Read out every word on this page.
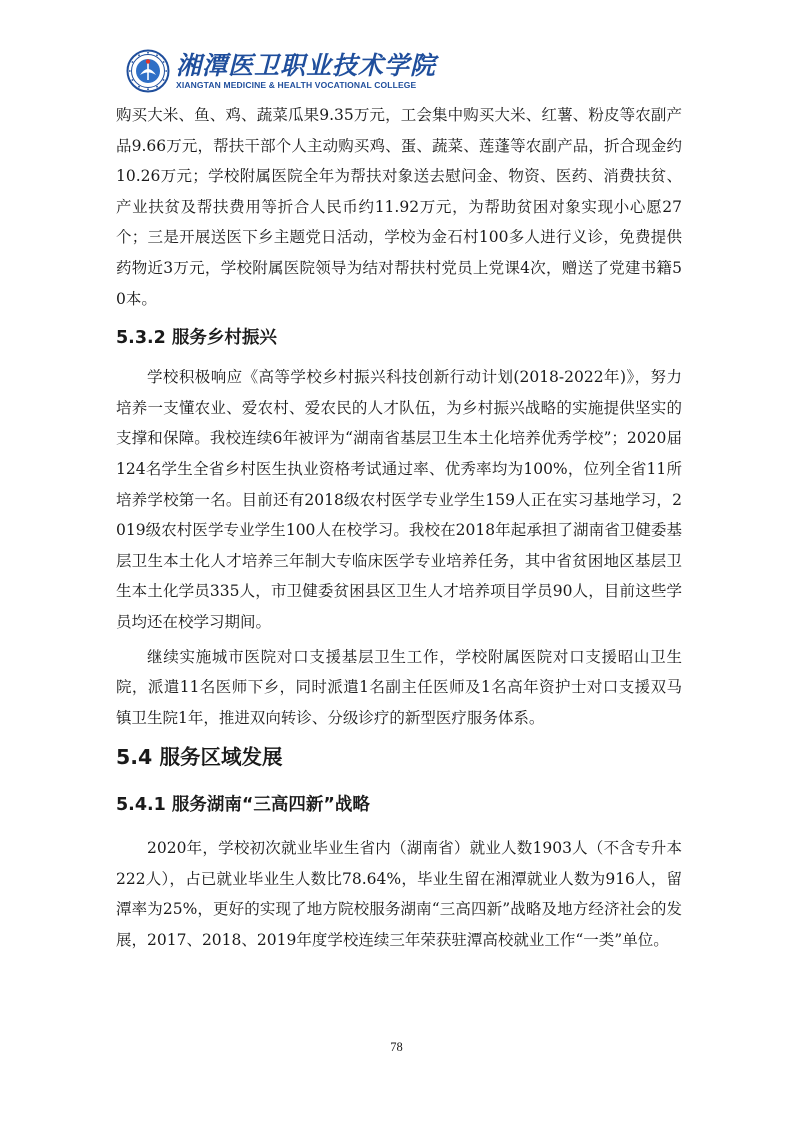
湘潭医卫职业技术学院
XIANGTAN MEDICINE & HEALTH VOCATIONAL COLLEGE

购买大米、鱼、鸡、蔬菜瓜果9.35万元，工会集中购买大米、红薯、粉皮等农副产品9.66万元，帮扶干部个人主动购买鸡、蛋、蔬菜、莲蓬等农副产品，折合现金约10.26万元；学校附属医院全年为帮扶对象送去慰问金、物资、医药、消费扶贫、产业扶贫及帮扶费用等折合人民币约11.92万元，为帮助贫困对象实现小心愿27个；三是开展送医下乡主题党日活动，学校为金石村100多人进行义诊，免费提供药物近3万元，学校附属医院领导为结对帮扶村党员上党课4次，赠送了党建书籍50本。

5.3.2 服务乡村振兴

学校积极响应《高等学校乡村振兴科技创新行动计划(2018-2022年)》，努力培养一支懂农业、爱农村、爱农民的人才队伍，为乡村振兴战略的实施提供坚实的支撑和保障。我校连续6年被评为“湖南省基层卫生本土化培养优秀学校”；2020届124名学生全省乡村医生执业资格考试通过率、优秀率均为100%，位列全省11所培养学校第一名。目前还有2018级农村医学专业学生159人正在实习基地学习，2019级农村医学专业学生100人在校学习。我校在2018年起承担了湖南省卫健委基层卫生本土化人才培养三年制大专临床医学专业培养任务，其中省贫困地区基层卫生本土化学员335人，市卫健委贫困县区卫生人才培养项目学员90人，目前这些学员均还在校学习期间。

继续实施城市医院对口支援基层卫生工作，学校附属医院对口支援昭山卫生院，派遣11名医师下乡，同时派遣1名副主任医师及1名高年资护士对口支援双马镇卫生院1年，推进双向转诊、分级诊疗的新型医疗服务体系。

5.4 服务区域发展
5.4.1 服务湖南“三高四新”战略

2020年，学校初次就业毕业生省内（湖南省）就业人数1903人（不含专升本222人），占已就业毕业生人数比78.64%，毕业生留在湘潭就业人数为916人，留潭率为25%，更好的实现了地方院校服务湖南“三高四新”战略及地方经济社会的发展，2017、2018、2019年度学校连续三年荣获驻潭高校就业工作“一类”单位。

78
